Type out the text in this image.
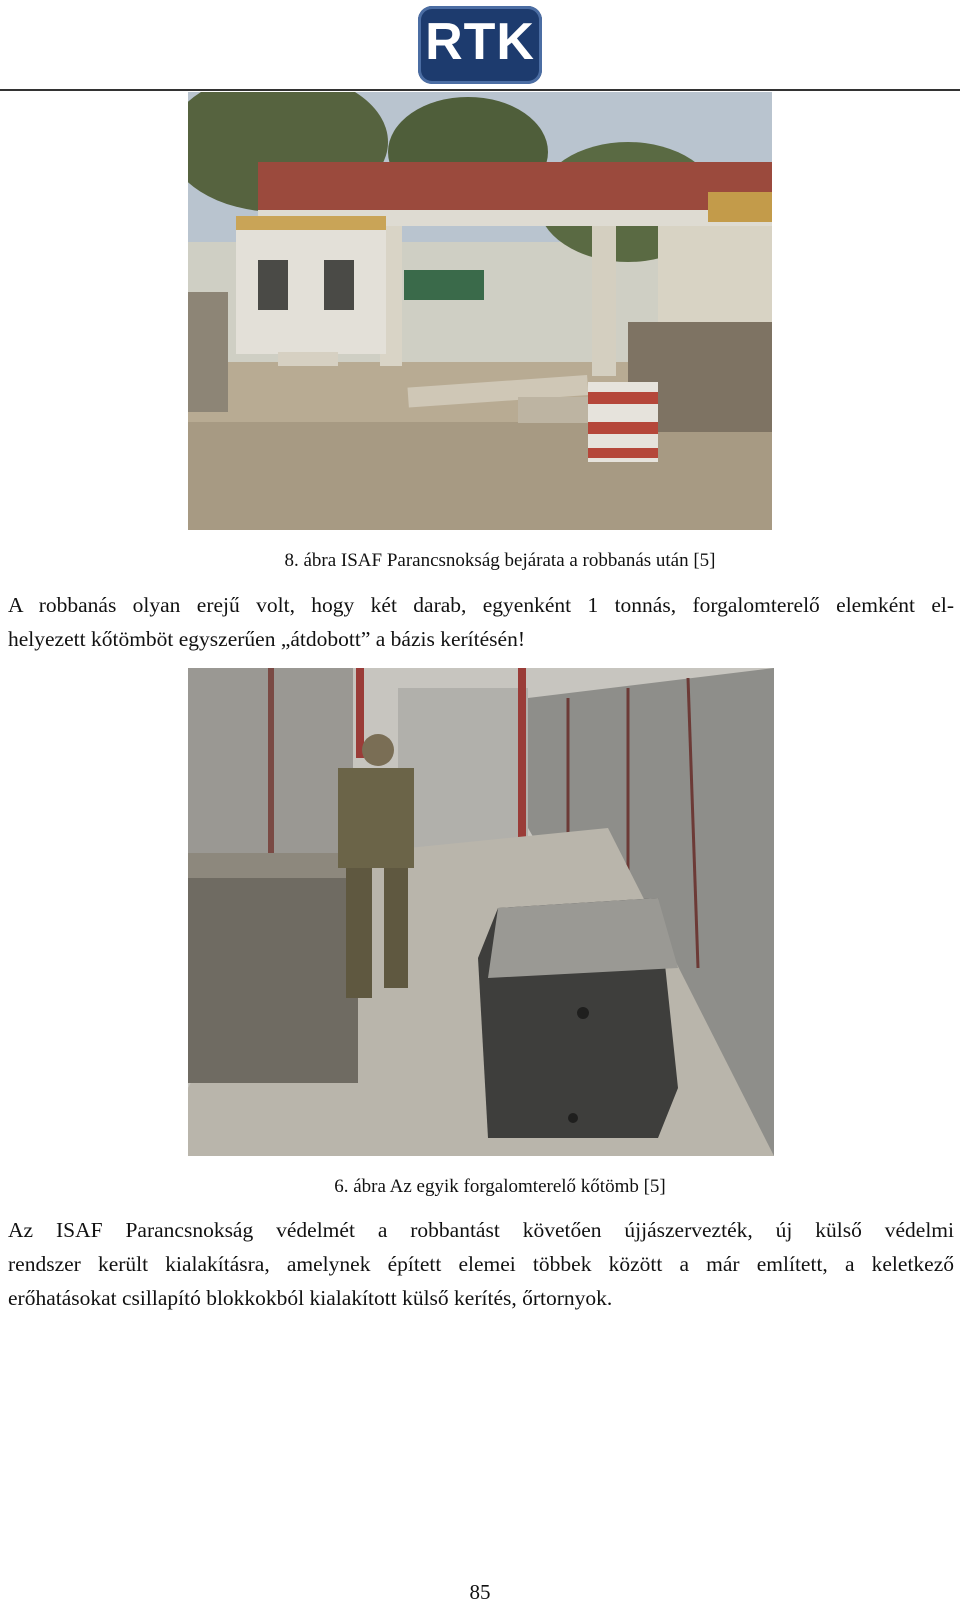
RTK
8. ábra ISAF Parancsnokság bejárata a robbanás után [5]
A robbanás olyan erejű volt, hogy két darab, egyenként 1 tonnás, forgalomterelő elemként el-
helyezett kőtömböt egyszerűen „átdobott” a bázis kerítésén!
6. ábra Az egyik forgalomterelő kőtömb [5]
Az ISAF Parancsnokság védelmét a robbantást követően újjászervezték, új külső védelmi
rendszer került kialakításra, amelynek épített elemei többek között a már említett, a keletkező
erőhatásokat csillapító blokkokból kialakított külső kerítés, őrtornyok.
85
